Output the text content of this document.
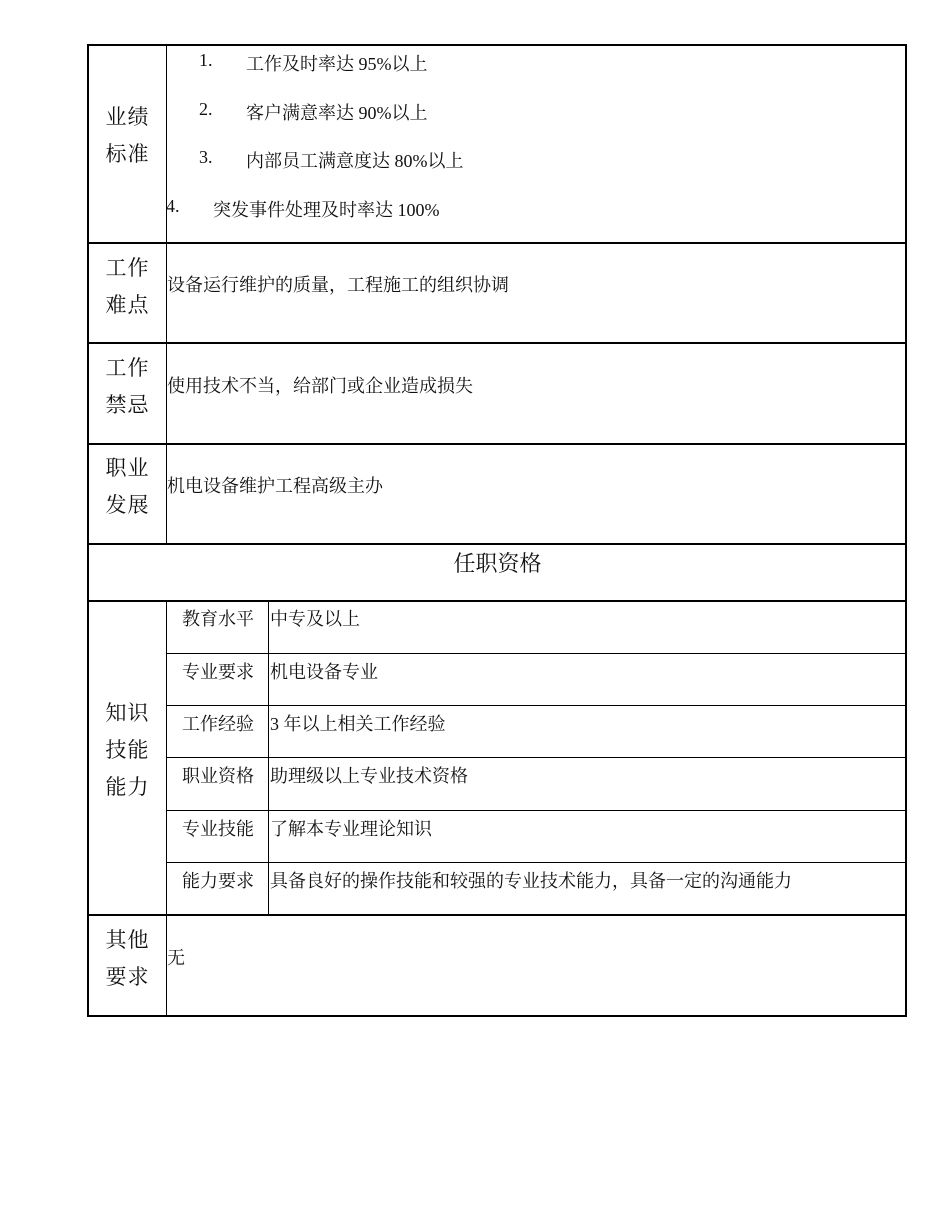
业绩
标准
1. 工作及时率达 95%以上
2. 客户满意率达 90%以上
3. 内部员工满意度达 80%以上
4. 突发事件处理及时率达 100%
工作
难点
设备运行维护的质量，工程施工的组织协调
工作
禁忌
使用技术不当，给部门或企业造成损失
职业
发展
机电设备维护工程高级主办
任职资格
知识
技能
能力
教育水平 中专及以上
专业要求 机电设备专业
工作经验 3 年以上相关工作经验
职业资格 助理级以上专业技术资格
专业技能 了解本专业理论知识
能力要求 具备良好的操作技能和较强的专业技术能力，具备一定的沟通能力
其他
要求
无
